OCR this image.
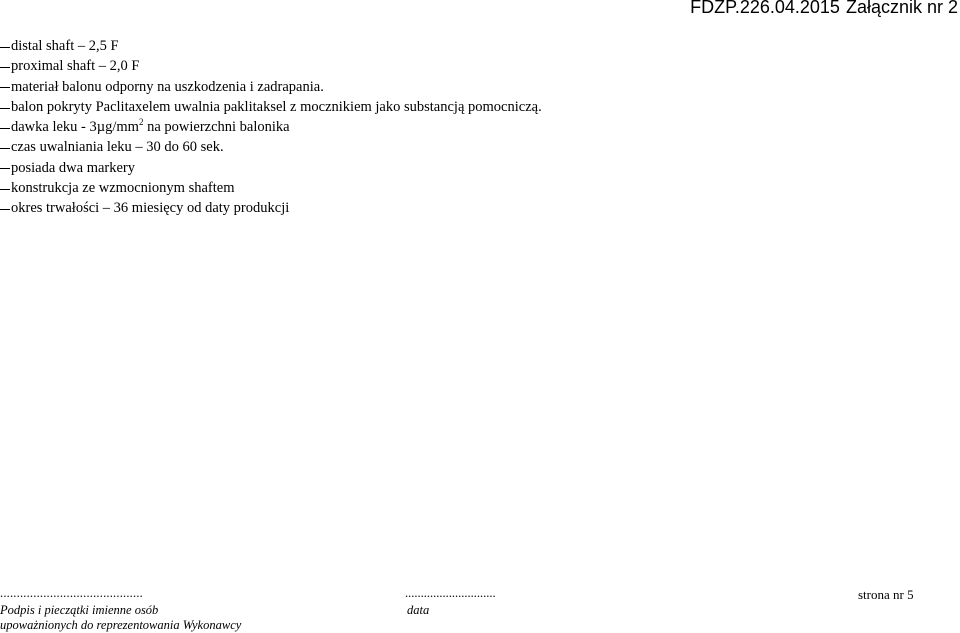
FDZP.226.04.2015 Załącznik nr 2
distal shaft – 2,5 F
proximal shaft – 2,0 F
materiał balonu odporny na uszkodzenia i zadrapania.
balon pokryty Paclitaxelem uwalnia paklitaksel z mocznikiem jako substancją pomocniczą.
dawka leku - $3\mu g/mm^2$ na powierzchni balonika
czas uwalniania leku – 30 do 60 sek.
posiada dwa markery
konstrukcja ze wzmocnionym shaftem
okres trwałości – 36 miesięcy od daty produkcji
...........................................
Podpis i pieczątki imienne osób
upoważnionych do reprezentowania Wykonawcy
.............................
data
strona nr 5
